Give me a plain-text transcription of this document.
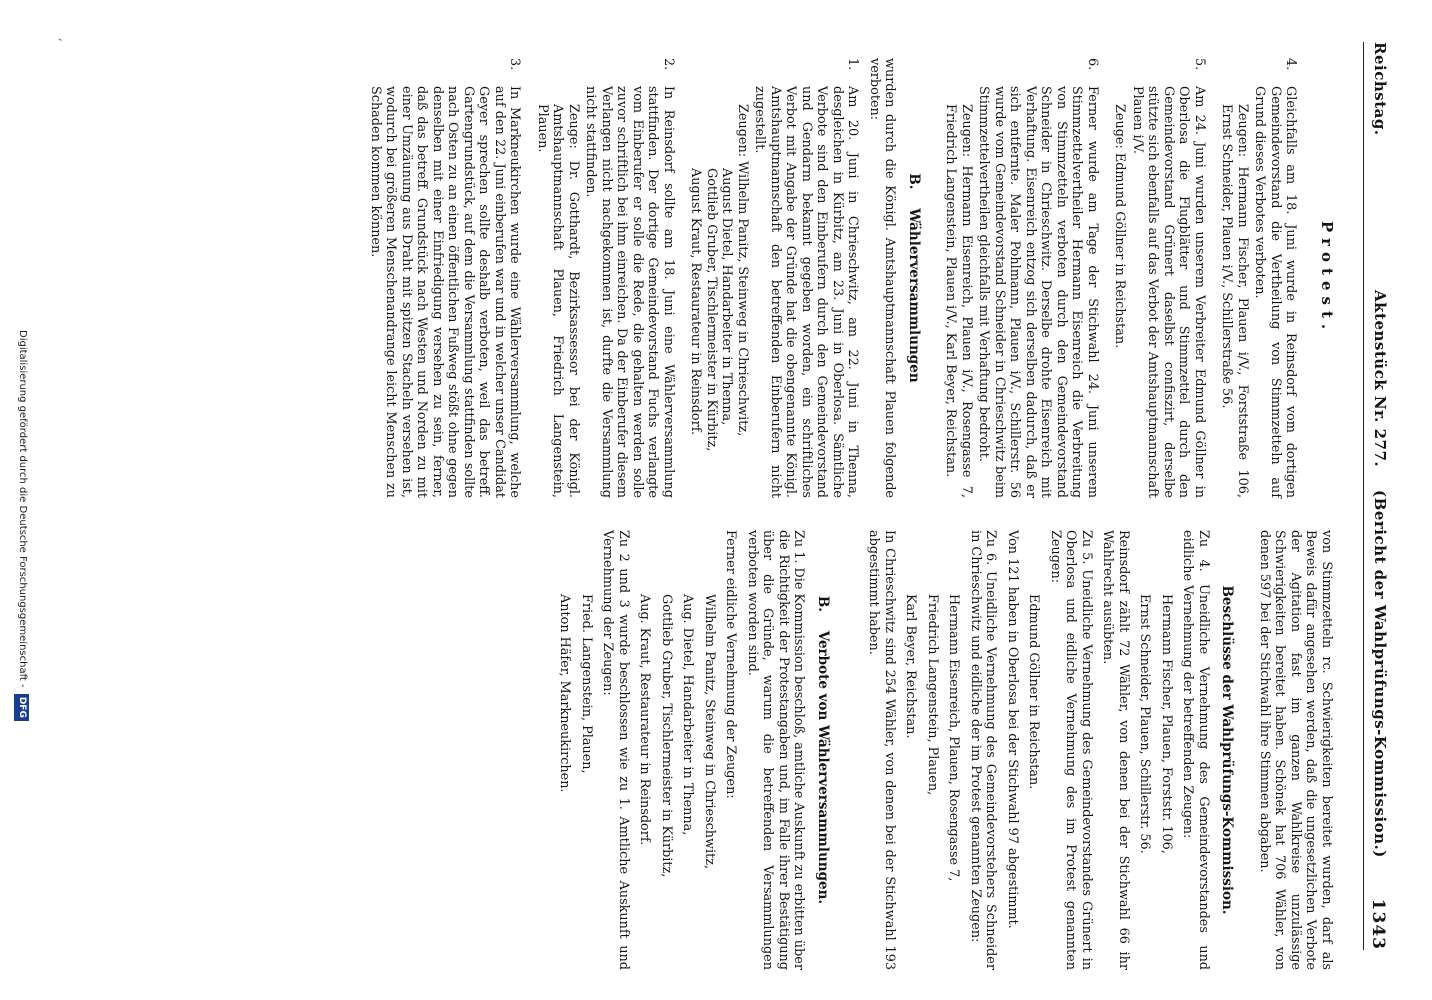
Reichstag.
Aktenstück Nr. 277.    (Bericht der Wahlprüfungs-Kommission.)
1343
Protest.
4.

Gleichfalls am 18. Juni wurde in Reinsdorf vom dortigen Gemeindevorstand die Vertheilung von Stimmzetteln auf Grund dieses Verbotes verboten.

Zeugen: Hermann Fischer, Plauen i/V., Forststraße 106, Ernst Schneider, Plauen i/V., Schillerstraße 56.
5.

Am 24. Juni wurden unserem Verbreiter Edmund Göllner in Oberlosa die Flugblätter und Stimmzettel durch den Gemeindevorstand Grünert daselbst confiszirt, derselbe stützte sich ebenfalls auf das Verbot der Amtshauptmannschaft Plauen i/V.

Zeuge: Edmund Göllner in Reichstan.
6.

Ferner wurde am Tage der Stichwahl 24. Juni unserem Stimmzettelvertheiler Hermann Eisenreich die Verbreitung von Stimmzetteln verboten durch den Gemeindevorstand Schneider in Chrieschwitz. Derselbe drohte Eisenreich mit Verhaftung. Eisenreich entzog sich derselben dadurch, daß er sich entfernte. Maler Pohlmann, Plauen i/V., Schillerstr. 56 wurde vom Gemeindevorstand Schneider in Chrieschwitz beim Stimmzettelvertheilen gleichfalls mit Verhaftung bedroht.

Zeugen: Hermann Eisenreich, Plauen i/V., Rosengasse 7, Friedrich Langenstein, Plauen i/V., Karl Beyer, Reichstan.
B. Wählerversammlungen

wurden durch die Königl. Amtshauptmannschaft Plauen folgende verboten:

1.

Am 20. Juni in Chrieschwitz, am 22. Juni in Thenna, desgleichen in Kürbitz, am 23. Juni in Oberlosa. Sämtliche Verbote sind den Einberufern durch den Gemeindevorstand und Gendarm bekannt gegeben worden, ein schriftliches Verbot mit Angabe der Gründe hat die obengenannte Königl. Amtshauptmannschaft den betreffenden Einberufern nicht zugestellt.

Zeugen: Wilhelm Panitz, Steinweg in Chrieschwitz,
August Dietel, Handarbeiter in Thenna,
Gottlieb Gruber, Tischlermeister in Kürbitz,
August Kraut, Restaurateur in Reinsdorf.
2.

In Reinsdorf sollte am 18. Juni eine Wählerversammlung stattfinden. Der dortige Gemeindevorstand Fuchs verlangte vom Einberufer er solle die Rede, die gehalten werden solle zuvor schriftlich bei ihm einreichen. Da der Einberufer diesem Verlangen nicht nachgekommen ist, durfte die Versammlung nicht stattfinden.

Zeuge: Dr. Gotthardt, Bezirksassessor bei der Königl. Amtshauptmannschaft Plauen, Friedrich Langenstein, Plauen.
3.

In Markneukirchen wurde eine Wählerversammlung, welche auf den 22. Juni einberufen war und in welcher unser Candidat Geyer sprechen sollte deshalb verboten, weil das betreff. Gartengrundstück, auf dem die Versammlung stattfinden sollte nach Osten zu an einen öffentlichen Fußweg stößt ohne gegen denselben mit einer Einfriedigung versehen zu sein, ferner, daß das betreff. Grundstück nach Westen und Norden zu mit einer Umzäunung aus Draht mit spitzen Stacheln versehen ist, wodurch bei größeren Menschenandrange leicht Menschen zu Schaden kommen können.

von Stimmzetteln rc. Schwierigkeiten bereitet wurden, darf als Beweis dafür angesehen werden, daß die ungesetzlichen Verbote der Agitation fast im ganzen Wahlkreise unzulässige Schwierigkeiten bereitet haben. Schönek hat 706 Wähler, von denen 597 bei der Stichwahl ihre Stimmen abgaben.

Beschlüsse der Wahlprüfungs-Kommission.

Zu 4. Uneidliche Vernehmung des Gemeindevorstandes und eidliche Vernehmung der betreffenden Zeugen:

Hermann Fischer, Plauen, Forststr. 106,

Ernst Schneider, Plauen, Schillerstr. 56.

Reinsdorf zählt 72 Wähler, von denen bei der Stichwahl 66 ihr Wahlrecht ausübten.

Zu 5. Uneidliche Vernehmung des Gemeindevorstandes Grünert in Oberlosa und eidliche Vernehmung des im Protest genannten Zeugen:

Edmund Göllner in Reichstan.

Von 121 haben in Oberlosa bei der Stichwahl 97 abgestimmt.

Zu 6. Uneidliche Vernehmung des Gemeindevorstehers Schneider in Chrieschwitz und eidliche der im Protest genannten Zeugen:

Hermann Eisenreich, Plauen, Rosengasse 7,

Friedrich Langenstein, Plauen,

Karl Beyer, Reichstan.

In Chrieschwitz sind 254 Wähler, von denen bei der Stichwahl 193 abgestimmt haben.

B. Verbote von Wählerversammlungen.

Zu 1. Die Kommission beschloß, amtliche Auskunft zu erbitten über die Richtigkeit der Protestangaben und, im Falle ihrer Bestätigung über die Gründe, warum die betreffenden Versammlungen verboten worden sind.

Ferner eidliche Vernehmung der Zeugen:

Wilhelm Panitz, Steinweg in Chrieschwitz,

Aug. Dietel, Handarbeiter in Thenna,

Gottlieb Gruber, Tischlermeister in Kürbitz,

Aug. Kraut, Restaurateur in Reinsdorf.

Zu 2 und 3 wurde beschlossen wie zu 1. Amtliche Auskunft und Vernehmung der Zeugen:

Fried. Langenstein, Plauen,

Anton Häfer, Markneukirchen.

,
Digitalisierung gefördert durch die Deutsche Forschungsgemeinschaft - DFG
